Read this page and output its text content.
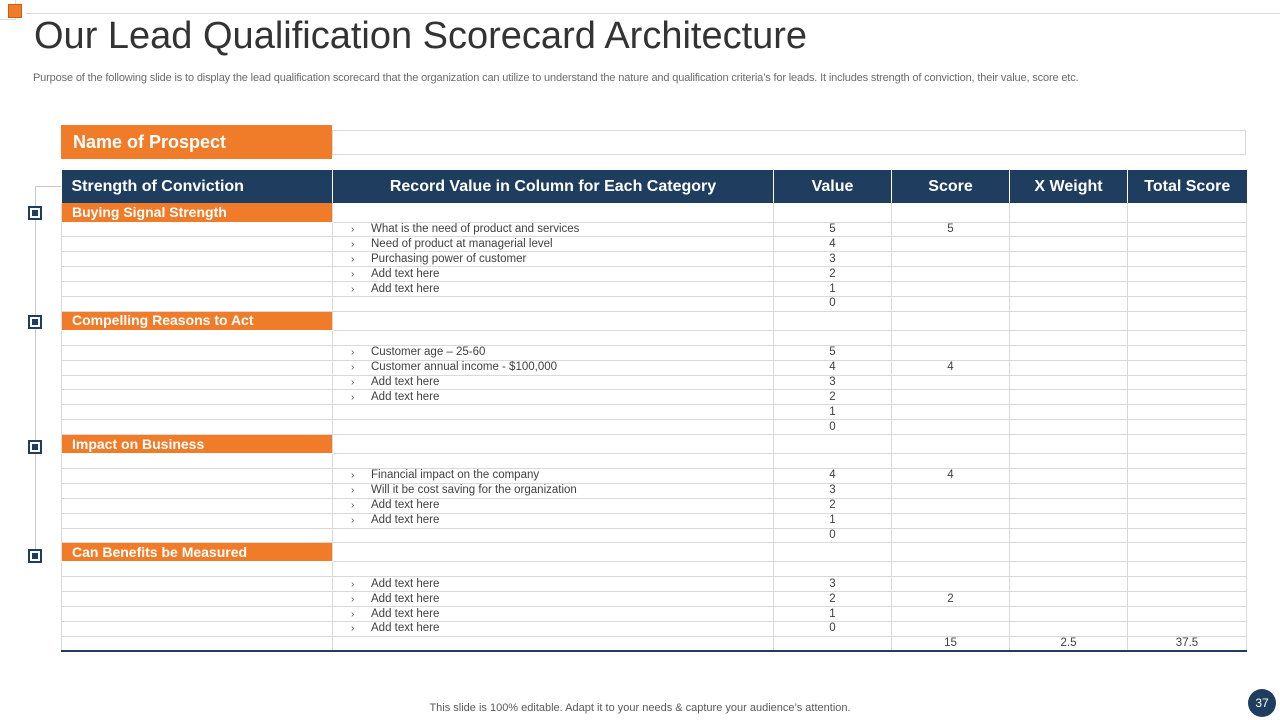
Our Lead Qualification Scorecard Architecture
Purpose of the following slide is to display the lead qualification scorecard that the organization can utilize to understand the nature and qualification criteria’s for leads. It includes strength of conviction, their value, score etc.
Name of Prospect
Strength of Conviction	Record Value in Column for Each Category	Value	Score	X Weight	Total Score
Buying Signal Strength					
	› What is the need of product and services	5	5		
	› Need of product at managerial level	4			
	› Purchasing power of customer	3			
	› Add text here	2			
	› Add text here	1			
		0			
Compelling Reasons to Act					

	› Customer age – 25-60	5			
	› Customer annual income - $100,000	4	4		
	› Add text here	3			
	› Add text here	2			
		1			
		0			
Impact on Business					

	› Financial impact on the company	4	4		
	› Will it be cost saving for the organization	3			
	› Add text here	2			
	› Add text here	1			
		0			
Can Benefits be Measured					

	› Add text here	3			
	› Add text here	2	2		
	› Add text here	1			
	› Add text here	0			
			15	2.5	37.5
This slide is 100% editable. Adapt it to your needs & capture your audience’s attention.	37
